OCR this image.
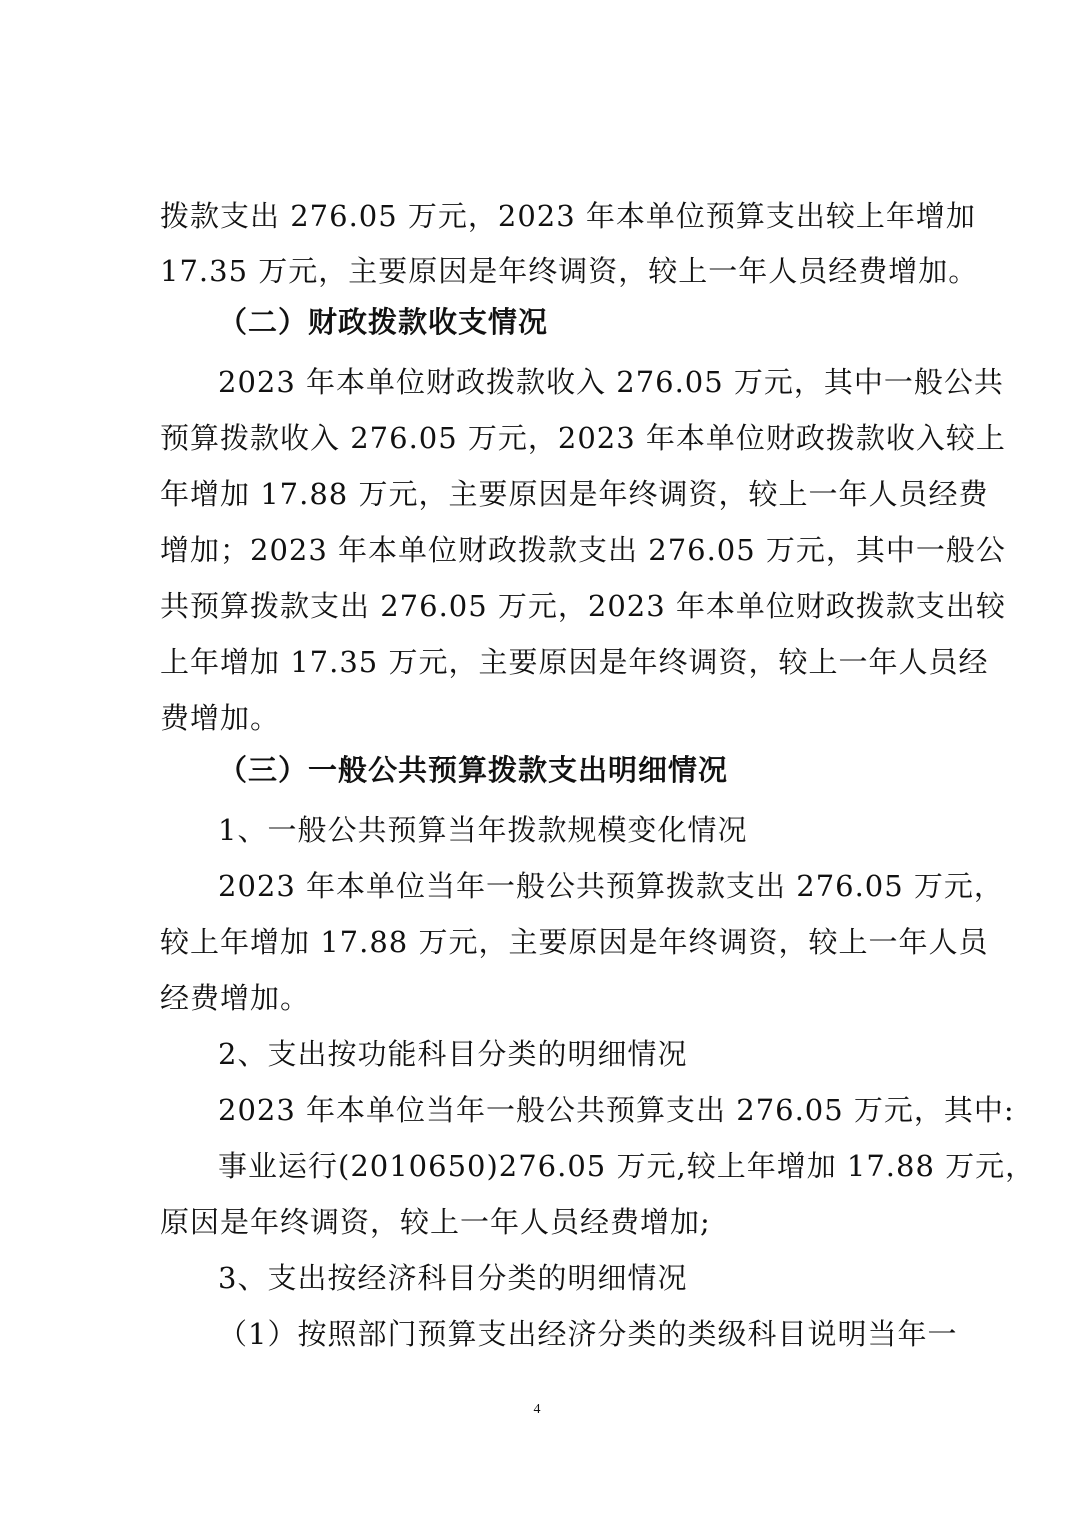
拨款支出 276.05 万元，2023 年本单位预算支出较上年增加
17.35 万元，主要原因是年终调资，较上一年人员经费增加。
（二）财政拨款收支情况
2023 年本单位财政拨款收入 276.05 万元，其中一般公共
预算拨款收入 276.05 万元，2023 年本单位财政拨款收入较上
年增加 17.88 万元，主要原因是年终调资，较上一年人员经费
增加；2023 年本单位财政拨款支出 276.05 万元，其中一般公
共预算拨款支出 276.05 万元，2023 年本单位财政拨款支出较
上年增加 17.35 万元，主要原因是年终调资，较上一年人员经
费增加。
（三）一般公共预算拨款支出明细情况
1、一般公共预算当年拨款规模变化情况
2023 年本单位当年一般公共预算拨款支出 276.05 万元，
较上年增加 17.88 万元，主要原因是年终调资，较上一年人员
经费增加。
2、支出按功能科目分类的明细情况
2023 年本单位当年一般公共预算支出 276.05 万元，其中:
事业运行(2010650)276.05 万元,较上年增加 17.88 万元，
原因是年终调资，较上一年人员经费增加;
3、支出按经济科目分类的明细情况
（1）按照部门预算支出经济分类的类级科目说明当年一
4
